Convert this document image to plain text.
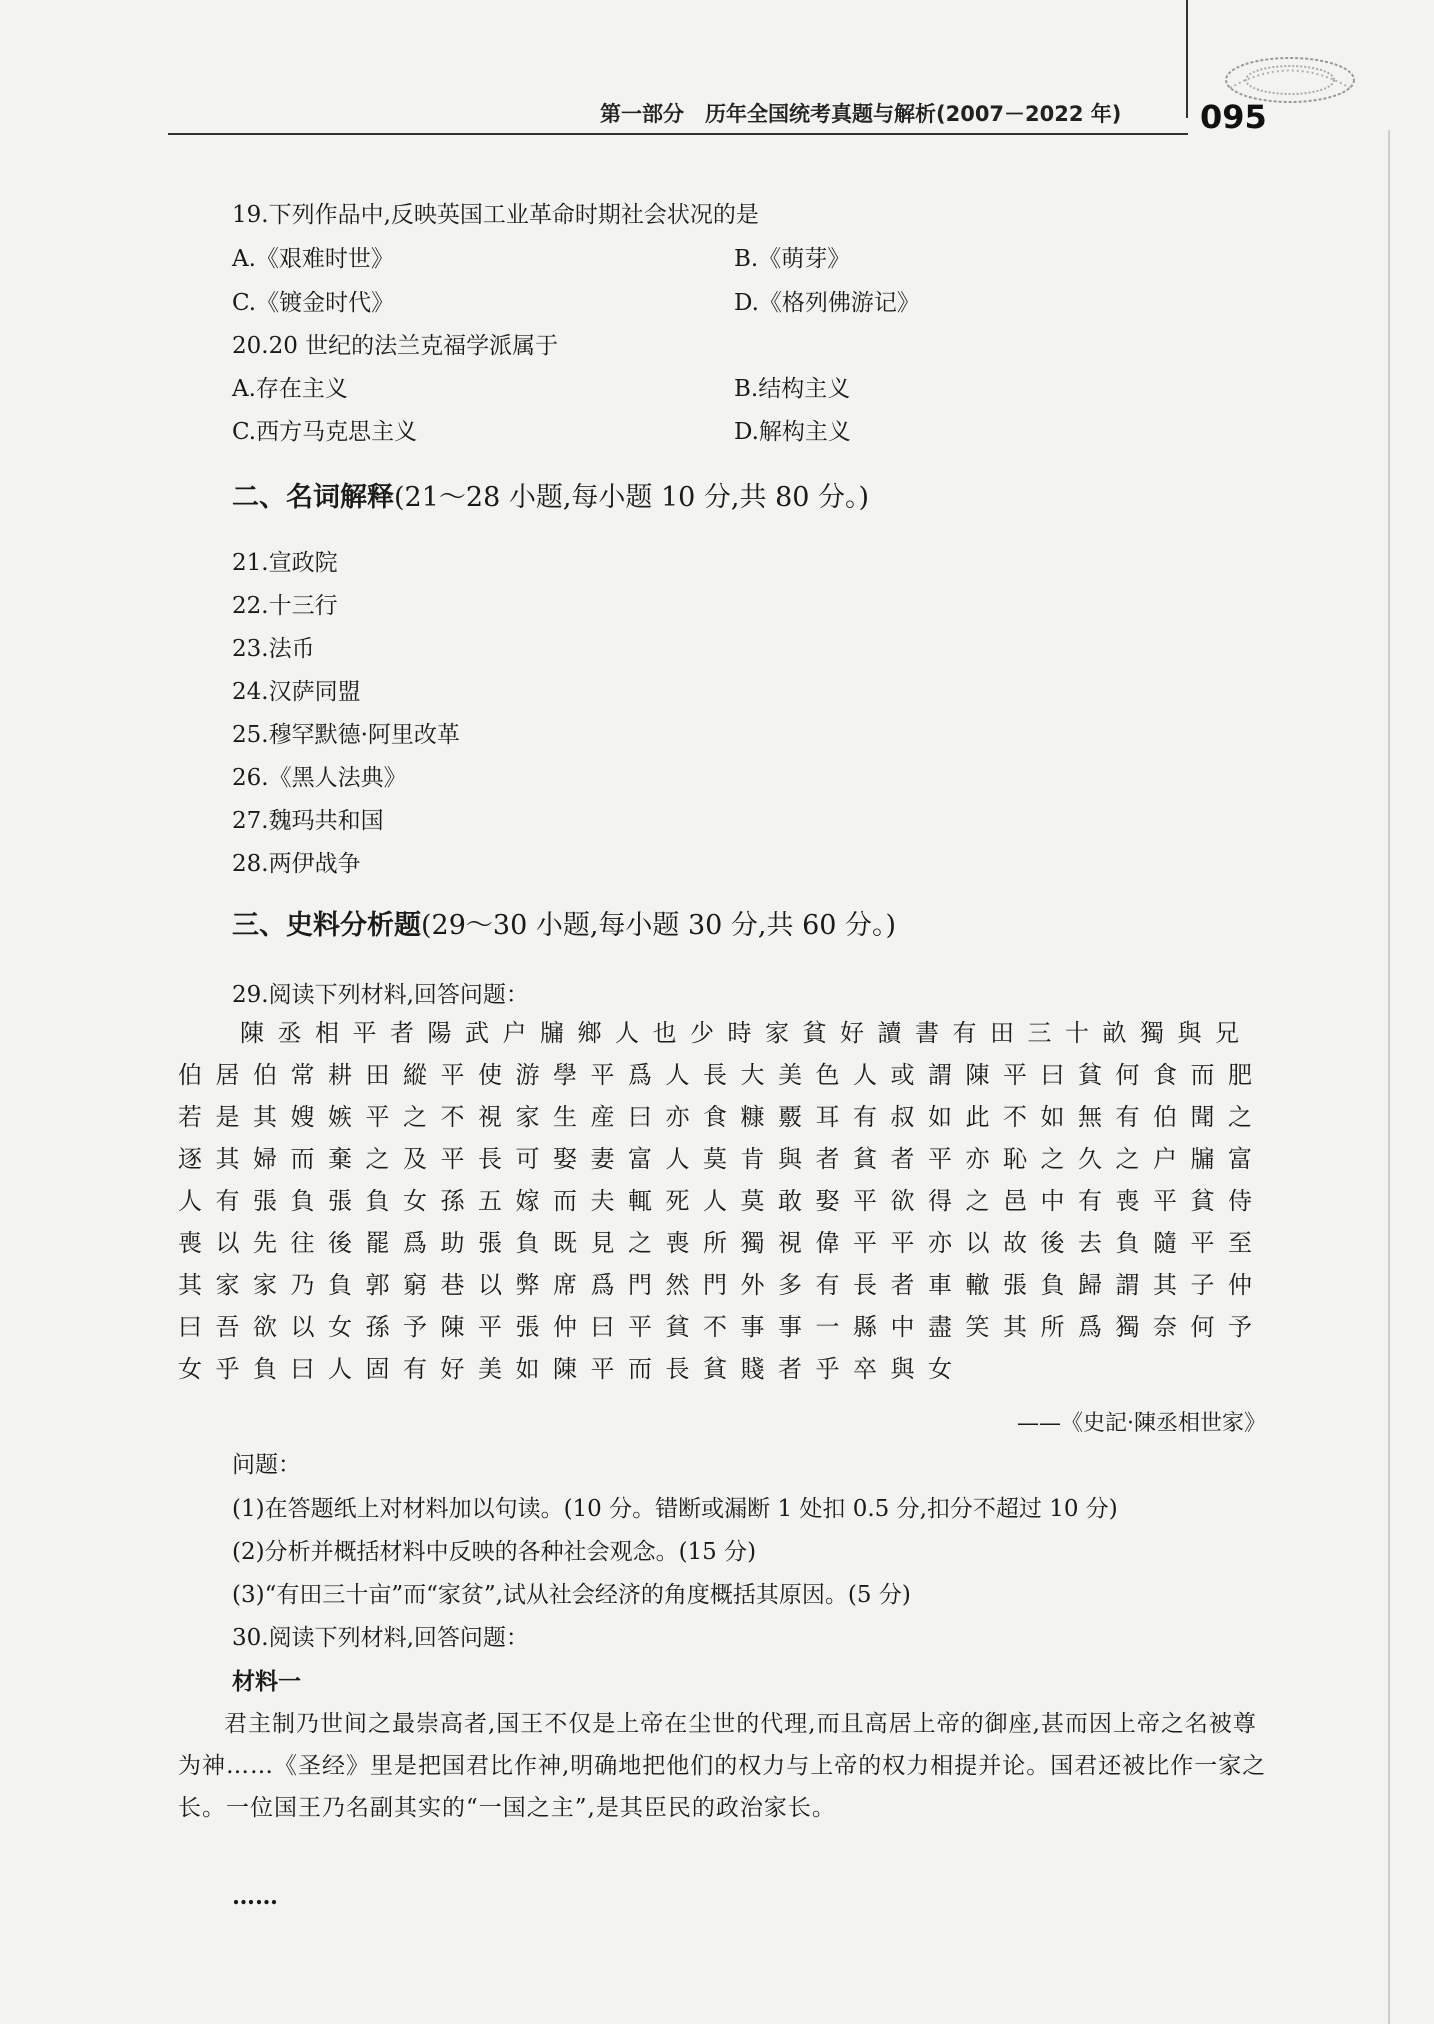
第一部分　历年全国统考真题与解析(2007－2022 年) 095
19.下列作品中,反映英国工业革命时期社会状况的是
A.《艰难时世》	B.《萌芽》
C.《镀金时代》	D.《格列佛游记》
20.20 世纪的法兰克福学派属于
A.存在主义	B.结构主义
C.西方马克思主义	D.解构主义
二、名词解释(21～28 小题,每小题 10 分,共 80 分。)
21.宣政院
22.十三行
23.法币
24.汉萨同盟
25.穆罕默德·阿里改革
26.《黑人法典》
27.魏玛共和国
28.两伊战争
三、史料分析题(29～30 小题,每小题 30 分,共 60 分。)
29.阅读下列材料,回答问题：
陳丞相平者陽武户牖鄉人也少時家貧好讀書有田三十畝獨與兄伯居伯常耕田縱平使游學平爲人長大美色人或謂陳平曰貧何食而肥若是其嫂嫉平之不視家生産曰亦食糠覈耳有叔如此不如無有伯聞之逐其婦而棄之及平長可娶妻富人莫肯與者貧者平亦恥之久之户牖富人有張負張負女孫五嫁而夫輒死人莫敢娶平欲得之邑中有喪平貧侍喪以先往後罷爲助張負既見之喪所獨視偉平平亦以故後去負隨平至其家家乃負郭窮巷以弊席爲門然門外多有長者車轍張負歸謂其子仲曰吾欲以女孫予陳平張仲曰平貧不事事一縣中盡笑其所爲獨奈何予女乎負曰人固有好美如陳平而長貧賤者乎卒與女
——《史記·陳丞相世家》
问题：
(1)在答题纸上对材料加以句读。(10 分。错断或漏断 1 处扣 0.5 分,扣分不超过 10 分)
(2)分析并概括材料中反映的各种社会观念。(15 分)
(3)“有田三十亩”而“家贫”,试从社会经济的角度概括其原因。(5 分)
30.阅读下列材料,回答问题：
材料一
君主制乃世间之最崇高者,国王不仅是上帝在尘世的代理,而且高居上帝的御座,甚而因上帝之名被尊为神……《圣经》里是把国君比作神,明确地把他们的权力与上帝的权力相提并论。国君还被比作一家之长。一位国王乃名副其实的“一国之主”,是其臣民的政治家长。
……
